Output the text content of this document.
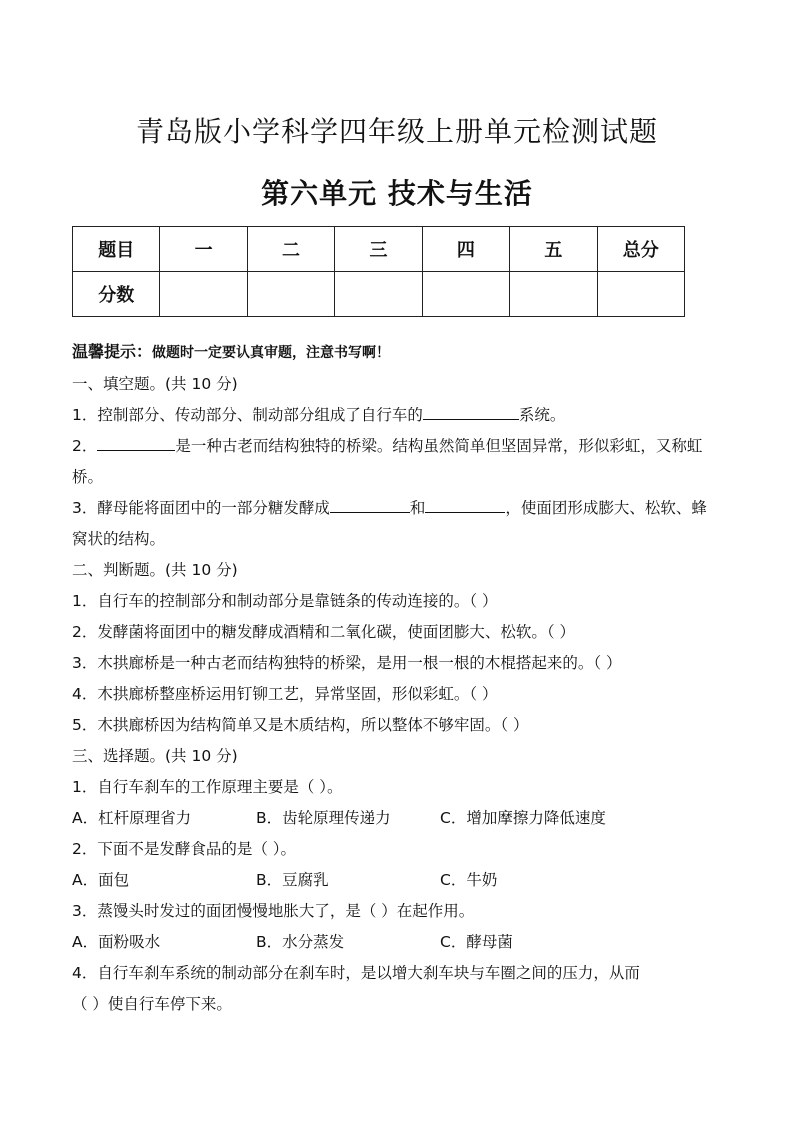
青岛版小学科学四年级上册单元检测试题
第六单元 技术与生活
题目	一	二	三	四	五	总分
分数						
温馨提示：做题时一定要认真审题，注意书写啊！
一、填空题。(共 10 分)
1．控制部分、传动部分、制动部分组成了自行车的	系统。
2．	是一种古老而结构独特的桥梁。结构虽然简单但坚固异常，形似彩虹，又称虹
桥。
3．酵母能将面团中的一部分糖发酵成	和	，使面团形成膨大、松软、蜂
窝状的结构。
二、判断题。(共 10 分)
1．自行车的控制部分和制动部分是靠链条的传动连接的。（ ）
2．发酵菌将面团中的糖发酵成酒精和二氧化碳，使面团膨大、松软。（ ）
3．木拱廊桥是一种古老而结构独特的桥梁，是用一根一根的木棍搭起来的。（ ）
4．木拱廊桥整座桥运用钉铆工艺，异常坚固，形似彩虹。（ ）
5．木拱廊桥因为结构简单又是木质结构，所以整体不够牢固。（ ）
三、选择题。(共 10 分)
1．自行车刹车的工作原理主要是（ ）。
A．杠杆原理省力	B．齿轮原理传递力	C．增加摩擦力降低速度
2．下面不是发酵食品的是（ ）。
A．面包	B．豆腐乳	C．牛奶
3．蒸馒头时发过的面团慢慢地胀大了，是（ ）在起作用。
A．面粉吸水	B．水分蒸发	C．酵母菌
4．自行车刹车系统的制动部分在刹车时，是以增大刹车块与车圈之间的压力，从而
（ ）使自行车停下来。
